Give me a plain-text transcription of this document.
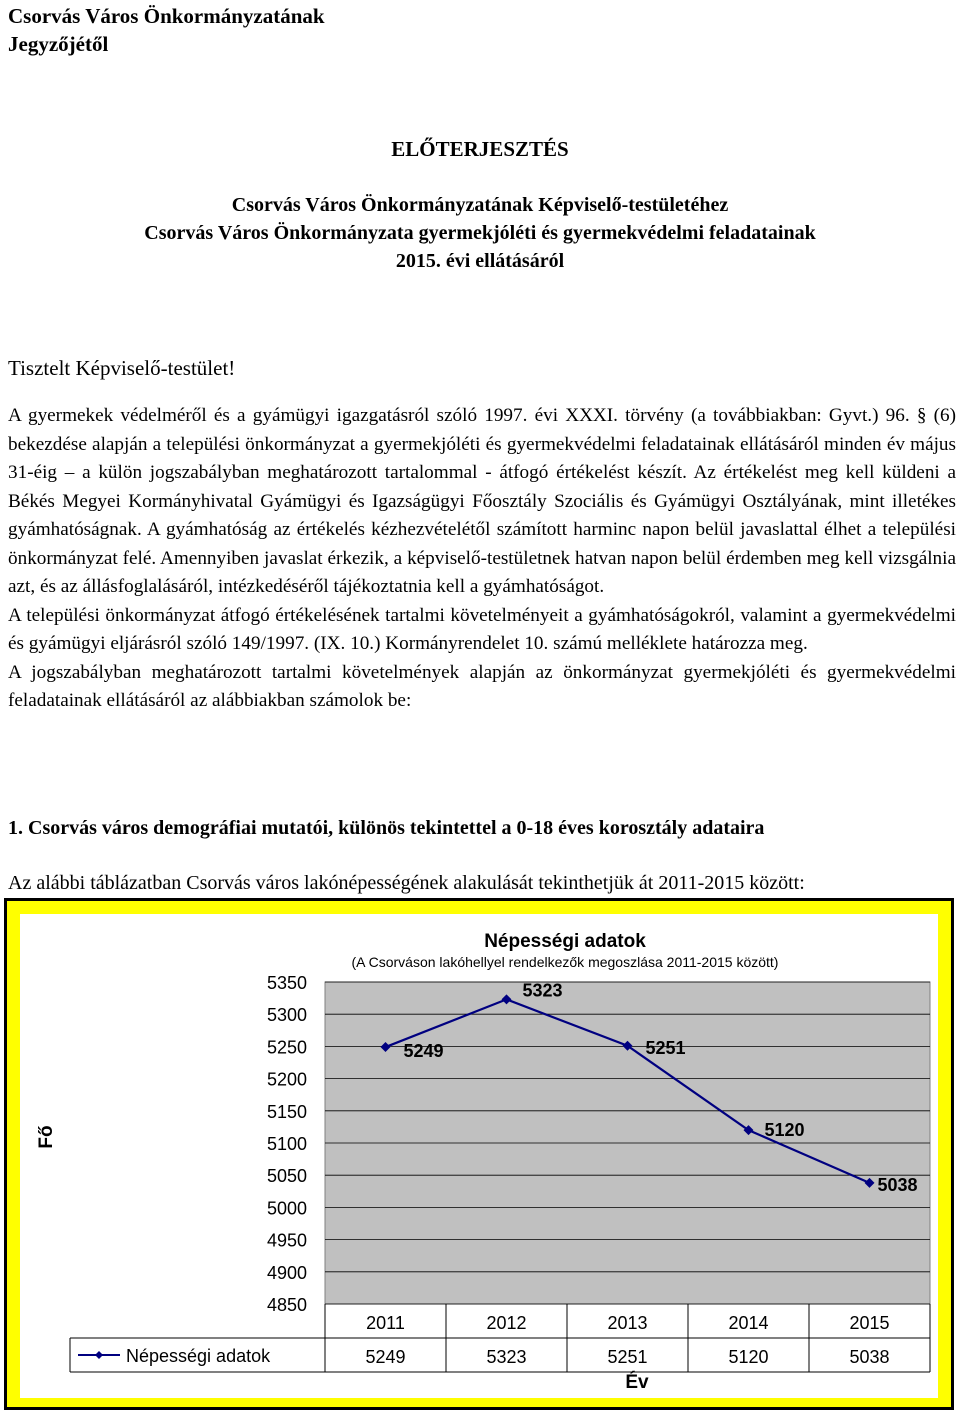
Csorvás Város Önkormányzatának
Jegyzőjétől
ELŐTERJESZTÉS
Csorvás Város Önkormányzatának Képviselő-testületéhez
Csorvás Város Önkormányzata gyermekjóléti és gyermekvédelmi feladatainak
2015. évi ellátásáról
Tisztelt Képviselő-testület!

A gyermekek védelméről és a gyámügyi igazgatásról szóló 1997. évi XXXI. törvény (a továbbiakban: Gyvt.) 96. § (6) bekezdése alapján a települési önkormányzat a gyermekjóléti és gyermekvédelmi feladatainak ellátásáról minden év május 31-éig – a külön jogszabályban meghatározott tartalommal - átfogó értékelést készít. Az értékelést meg kell küldeni a Békés Megyei Kormányhivatal Gyámügyi és Igazságügyi Főosztály Szociális és Gyámügyi Osztályának, mint illetékes gyámhatóságnak. A gyámhatóság az értékelés kézhezvételétől számított harminc napon belül javaslattal élhet a települési önkormányzat felé. Amennyiben javaslat érkezik, a képviselő-testületnek hatvan napon belül érdemben meg kell vizsgálnia azt, és az állásfoglalásáról, intézkedéséről tájékoztatnia kell a gyámhatóságot.

A települési önkormányzat átfogó értékelésének tartalmi követelményeit a gyámhatóságokról, valamint a gyermekvédelmi és gyámügyi eljárásról szóló 149/1997. (IX. 10.) Kormányrendelet 10. számú melléklete határozza meg.

A jogszabályban meghatározott tartalmi követelmények alapján az önkormányzat gyermekjóléti és gyermekvédelmi feladatainak ellátásáról az alábbiakban számolok be:

1. Csorvás város demográfiai mutatói, különös tekintettel a 0-18 éves korosztály adataira
Az alábbi táblázatban Csorvás város lakónépességének alakulását tekinthetjük át 2011-2015 között:
Népességi adatok
(A Csorváson lakóhellyel rendelkezők megoszlása 2011-2015 között)
Fő
5350
5300
5250
5200
5150
5100
5050
5000
4950
4900
4850
5249
5323
5251
5120
5038
2011
5249
2012
5323
2013
5251
2014
5120
2015
5038
Népességi adatok
Év
